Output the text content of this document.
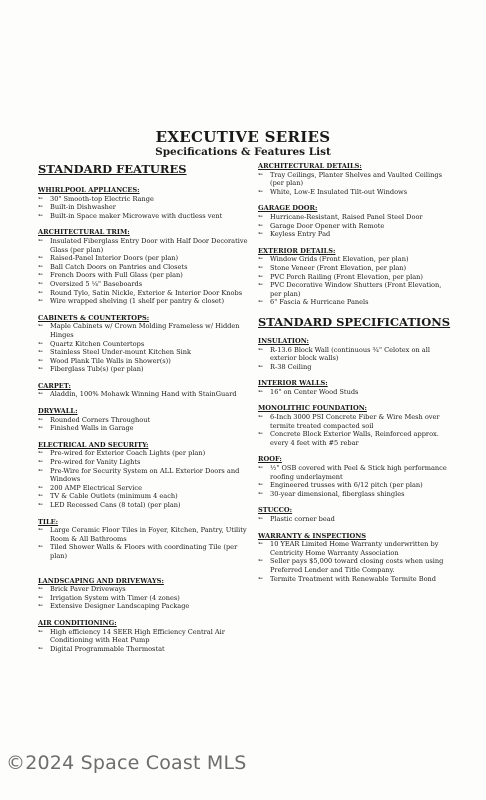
EXECUTIVE SERIES
Specifications & Features List
STANDARD FEATURES
WHIRLPOOL APPLIANCES:
➳	30" Smooth-top Electric Range
➳	Built-in Dishwasher
➳	Built-in Space maker Microwave with ductless vent
ARCHITECTURAL TRIM:
➳	Insulated Fiberglass Entry Door with Half Door Decorative Glass (per plan)
➳	Raised-Panel Interior Doors (per plan)
➳	Ball Catch Doors on Pantries and Closets
➳	French Doors with Full Glass (per plan)
➳	Oversized 5 ¼" Baseboards
➳	Round Tylo, Satin Nickle, Exterior & Interior Door Knobs
➳	Wire wrapped shelving (1 shelf per pantry & closet)
CABINETS & COUNTERTOPS:
➳	Maple Cabinets w/ Crown Molding Frameless w/ Hidden Hinges
➳	Quartz Kitchen Countertops
➳	Stainless Steel Under-mount Kitchen Sink
➳	Wood Plank Tile Walls in Shower(s))
➳	Fiberglass Tub(s) (per plan)
CARPET:
➳	Aladdin, 100% Mohawk Winning Hand with StainGuard
DRYWALL:
➳	Rounded Corners Throughout
➳	Finished Walls in Garage
ELECTRICAL AND SECURITY:
➳	Pre-wired for Exterior Coach Lights (per plan)
➳	Pre-wired for Vanity Lights
➳	Pre-Wire for Security System on ALL Exterior Doors and Windows
➳	200 AMP Electrical Service
➳	TV & Cable Outlets (minimum 4 each)
➳	LED Recessed Cans (8 total) (per plan)
TILE:
➳	Large Ceramic Floor Tiles in Foyer, Kitchen, Pantry, Utility Room & All Bathrooms
➳	Tiled Shower Walls & Floors with coordinating Tile (per plan)
LANDSCAPING AND DRIVEWAYS:
➳	Brick Paver Driveways
➳	Irrigation System with Timer (4 zones)
➳	Extensive Designer Landscaping Package
AIR CONDITIONING:
➳	High efficiency 14 SEER High Efficiency Central Air Conditioning with Heat Pump
➳	Digital Programmable Thermostat
ARCHITECTURAL DETAILS:
➳	Tray Ceilings, Planter Shelves and Vaulted Ceilings (per plan)
➳	White, Low-E Insulated Tilt-out Windows
GARAGE DOOR:
➳	Hurricane-Resistant, Raised Panel Steel Door
➳	Garage Door Opener with Remote
➳	Keyless Entry Pad
EXTERIOR DETAILS:
➳	Window Grids (Front Elevation, per plan)
➳	Stone Veneer (Front Elevation, per plan)
➳	PVC Porch Railing (Front Elevation, per plan)
➳	PVC Decorative Window Shutters (Front Elevation, per plan)
➳	6" Fascia & Hurricane Panels
STANDARD SPECIFICATIONS
INSULATION:
➳	R-13.6 Block Wall (continuous ¾" Celotex on all exterior block walls)
➳	R-38 Ceiling
INTERIOR WALLS:
➳	16" on Center Wood Studs
MONOLITHIC FOUNDATION:
➳	6-Inch 3000 PSI Concrete Fiber & Wire Mesh over termite treated compacted soil
➳	Concrete Block Exterior Walls, Reinforced approx. every 4 feet with #5 rebar
ROOF:
➳	½" OSB covered with Peel & Stick high performance roofing underlayment
➳	Engineered trusses with 6/12 pitch (per plan)
➳	30-year dimensional, fiberglass shingles
STUCCO:
➳	Plastic corner bead
WARRANTY & INSPECTIONS
➳	10 YEAR Limited Home Warranty underwritten by Centricity Home Warranty Association
➳	Seller pays $5,000 toward closing costs when using Preferred Lender and Title Company.
➳	Termite Treatment with Renewable Termite Bond
©2024 Space Coast MLS
